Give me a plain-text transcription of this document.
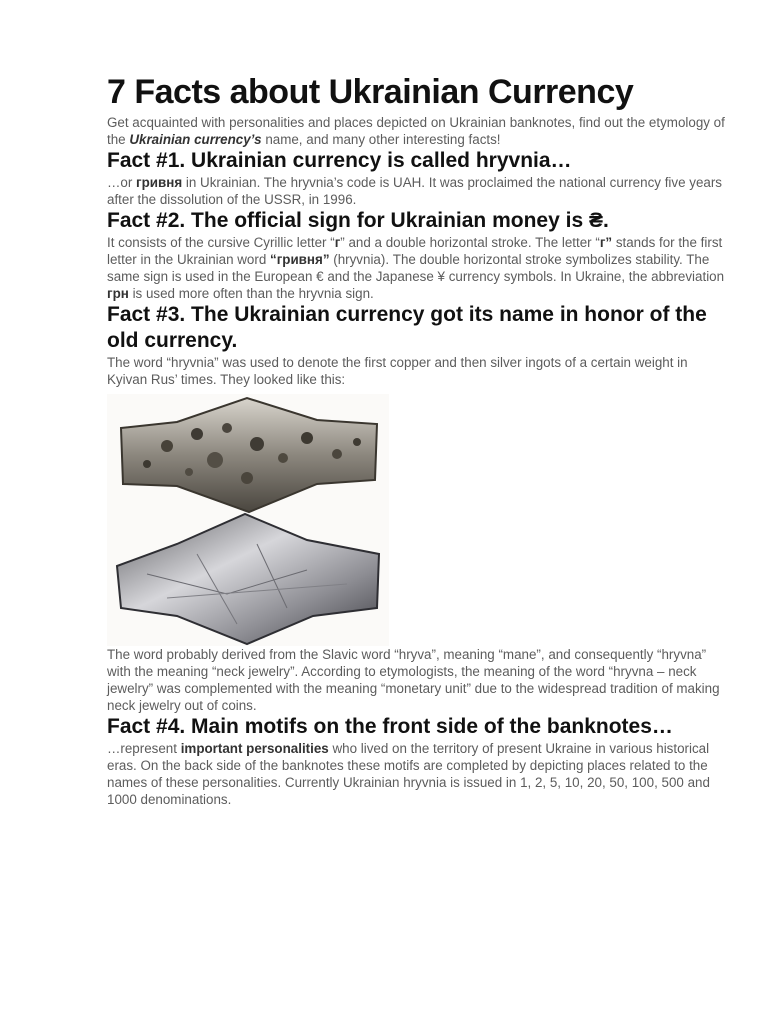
7 Facts about Ukrainian Currency

Get acquainted with personalities and places depicted on Ukrainian banknotes, find out the etymology of the Ukrainian currency’s name, and many other interesting facts!

Fact #1. Ukrainian currency is called hryvnia…

…or гривня in Ukrainian. The hryvnia’s code is UAH. It was proclaimed the national currency five years after the dissolution of the USSR, in 1996.

Fact #2. The official sign for Ukrainian money is ₴.

It consists of the cursive Cyrillic letter “г” and a double horizontal stroke. The letter “г” stands for the first letter in the Ukrainian word “гривня” (hryvnia). The double horizontal stroke symbolizes stability. The same sign is used in the European € and the Japanese ¥ currency symbols. In Ukraine, the abbreviation грн is used more often than the hryvnia sign.

Fact #3. The Ukrainian currency got its name in honor of the old currency.

The word “hryvnia” was used to denote the first copper and then silver ingots of a certain weight in Kyivan Rus’ times. They looked like this:

The word probably derived from the Slavic word “hryva”, meaning “mane”, and consequently “hryvna” with the meaning “neck jewelry”. According to etymologists, the meaning of the word “hryvna – neck jewelry” was complemented with the meaning “monetary unit” due to the widespread tradition of making neck jewelry out of coins.

Fact #4. Main motifs on the front side of the banknotes…

…represent important personalities who lived on the territory of present Ukraine in various historical eras. On the back side of the banknotes these motifs are completed by depicting places related to the names of these personalities. Currently Ukrainian hryvnia is issued in 1, 2, 5, 10, 20, 50, 100, 500 and 1000 denominations.
